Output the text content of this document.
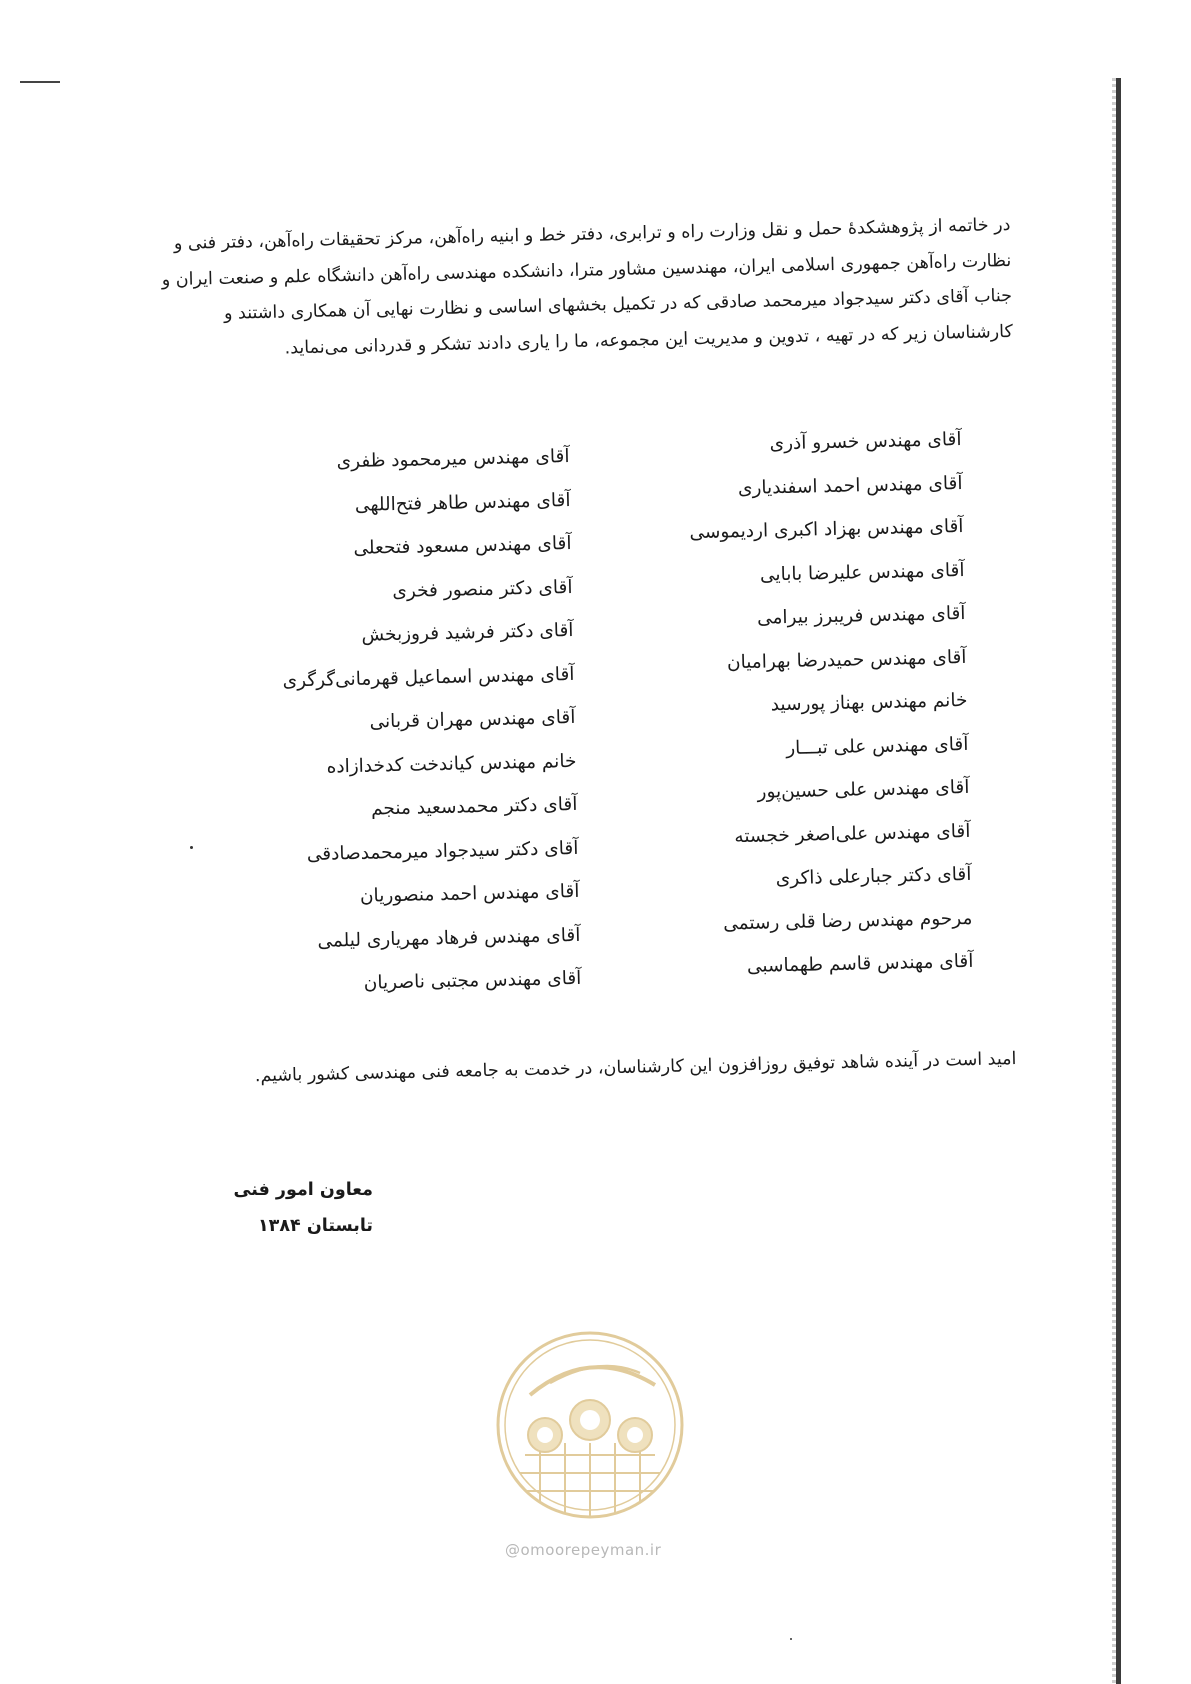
در خاتمه از پژوهشکدۀ حمل و نقل وزارت راه و ترابری، دفتر خط و ابنیه راه‌آهن، مرکز تحقیقات راه‌آهن، دفتر فنی و
نظارت راه‌آهن جمهوری اسلامی ایران، مهندسین مشاور مترا، دانشکده مهندسی راه‌آهن دانشگاه علم و صنعت ایران و
جناب آقای دکتر سیدجواد میرمحمد صادقی که در تکمیل بخشهای اساسی و نظارت نهایی آن همکاری داشتند و
کارشناسان زیر که در تهیه ، تدوین و مدیریت این مجموعه، ما را یاری دادند تشکر و قدردانی می‌نماید.
آقای مهندس خسرو آذری
آقای مهندس احمد اسفندیاری
آقای مهندس بهزاد اکبری اردیموسی
آقای مهندس علیرضا بابایی
آقای مهندس فریبرز بیرامی
آقای مهندس حمیدرضا بهرامیان
خانم مهندس بهناز پورسید
آقای مهندس علی تبـــار
آقای مهندس علی حسین‌پور
آقای مهندس علی‌اصغر خجسته
آقای دکتر جبارعلی ذاکری
مرحوم مهندس رضا قلی رستمی
آقای مهندس قاسم طهماسبی
آقای مهندس میرمحمود ظفری
آقای مهندس طاهر فتح‌اللهی
آقای مهندس مسعود فتحعلی
آقای دکتر منصور فخری
آقای دکتر فرشید فروزبخش
آقای مهندس اسماعیل قهرمانی‌گرگری
آقای مهندس مهران قربانی
خانم مهندس کیاندخت کدخدازاده
آقای دکتر محمدسعید منجم
آقای دکتر سیدجواد میرمحمدصادقی
آقای مهندس احمد منصوریان
آقای مهندس فرهاد مهریاری لیلمی
آقای مهندس مجتبی ناصریان
امید است در آینده شاهد توفیق روزافزون این کارشناسان، در خدمت به جامعه فنی مهندسی کشور باشیم.
معاون امور فنی
تابستان ۱۳۸۴
@omoorepeyman.ir
